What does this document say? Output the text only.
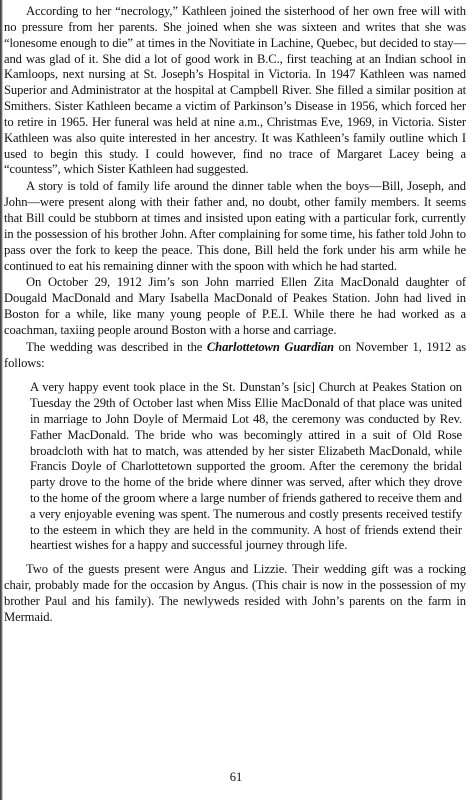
According to her “necrology,” Kathleen joined the sisterhood of her own free will with no pressure from her parents. She joined when she was sixteen and writes that she was “lonesome enough to die” at times in the Novitiate in Lachine, Quebec, but decided to stay—and was glad of it. She did a lot of good work in B.C., first teaching at an Indian school in Kamloops, next nursing at St. Joseph’s Hospital in Victoria. In 1947 Kathleen was named Superior and Administrator at the hospital at Campbell River. She filled a similar position at Smithers. Sister Kathleen became a victim of Parkinson’s Disease in 1956, which forced her to retire in 1965. Her funeral was held at nine a.m., Christmas Eve, 1969, in Victoria. Sister Kathleen was also quite interested in her ancestry. It was Kathleen’s family outline which I used to begin this study. I could however, find no trace of Margaret Lacey being a “countess”, which Sister Kathleen had suggested.

A story is told of family life around the dinner table when the boys—Bill, Joseph, and John—were present along with their father and, no doubt, other family members. It seems that Bill could be stubborn at times and insisted upon eating with a particular fork, currently in the possession of his brother John. After complaining for some time, his father told John to pass over the fork to keep the peace. This done, Bill held the fork under his arm while he continued to eat his remaining dinner with the spoon with which he had started.

On October 29, 1912 Jim’s son John married Ellen Zita MacDonald daughter of Dougald MacDonald and Mary Isabella MacDonald of Peakes Station. John had lived in Boston for a while, like many young people of P.E.I. While there he had worked as a coachman, taxiing people around Boston with a horse and carriage.

The wedding was described in the Charlottetown Guardian on November 1, 1912 as follows:

A very happy event took place in the St. Dunstan’s [sic] Church at Peakes Station on Tuesday the 29th of October last when Miss Ellie MacDonald of that place was united in marriage to John Doyle of Mermaid Lot 48, the ceremony was conducted by Rev. Father MacDonald. The bride who was becomingly attired in a suit of Old Rose broadcloth with hat to match, was attended by her sister Elizabeth MacDonald, while Francis Doyle of Charlottetown supported the groom. After the ceremony the bridal party drove to the home of the bride where dinner was served, after which they drove to the home of the groom where a large number of friends gathered to receive them and a very enjoyable evening was spent. The numerous and costly presents received testify to the esteem in which they are held in the community. A host of friends extend their heartiest wishes for a happy and successful journey through life.

Two of the guests present were Angus and Lizzie. Their wedding gift was a rocking chair, probably made for the occasion by Angus. (This chair is now in the possession of my brother Paul and his family). The newlyweds resided with John’s parents on the farm in Mermaid.

61
